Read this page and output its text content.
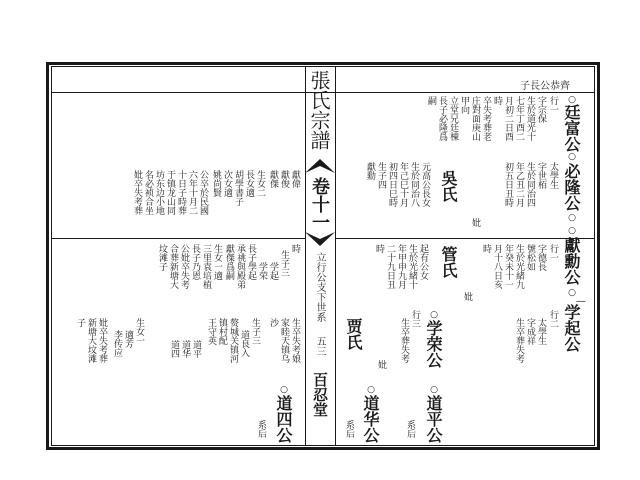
子長公恭齊
張氏宗譜
卷十一
立行公支下世系
五三
百忍堂
○
廷富公
○
必隆公
○
○
獻勳公
○
—
学起公
○
学荣公
○
道平公
○
道华公
○
道四公
吳氏
管氏
贾氏
系后
系后
系后
行一
字宗保
生於道光十
七年丁酉二
月初二日酉
時
卒失考葬老
庄對面庚山
甲向
立堂兄廷棟
長子必隆爲
嗣
太學生
字世栢
生於同治四
年乙丑二月
初五日丑時
妣
元高公長女
生於同治八
年己巳十月
初四日巳時
生子四
獻勳
行一
字德長
號松如
生於光緒九
年癸未十一
月十八日亥
時
妣
起有公女
生於光緒十
年甲申九月
二十九日丑
時
行二
太學生
字成祥
生卒葬失考
行三
生卒葬失考
妣
獻偉
獻俊
獻傑
生女二
長女適
胡學書子
次女適
姚尚賢
公卒於民國
六年十月二
十日子時葬
于镇龙山同
坊东边小地
名必祯合坐
妣卒失考葬
時
生子三
学起
学荣
長子學起
承祧與殿弟
獻傑爲嗣
生女一適
三里袁培植
長子乃恩
公妣卒失考
合葬新塘大
坟滩子
生卒失考娘
家睦天镇乌
沙
生子三
道良入
赘城关镇河
镇村配
王守英
道平
道华
道四
生女一
適芳
李传应
妣卒失考葬
新塘大坟滩
子
